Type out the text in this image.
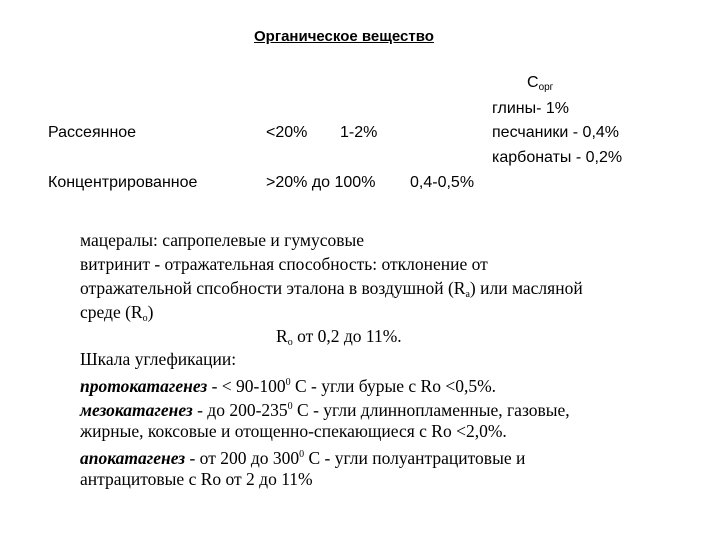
Органическое вещество
$С_{орг}$
глины- 1%
песчаники - 0,4%
карбонаты - 0,2%
Рассеянное	<20% 1-2%
Концентрированное	>20% до 100% 0,4-0,5%
мацералы: сапропелевые и гумусовые
витринит - отражательная способность: отклонение от
отражательной спсобности эталона в воздушной $(R_а)$ или масляной
среде $(R_о)$
$R_о$ от 0,2 до 11%.
Шкала углефикации:
протокатагенез - < $90-100^0$ С - угли бурые с Ro <0,5%.
мезокатагенез - до $200-235^0$ С - угли длиннопламенные, газовые,
жирные, коксовые и отощенно-спекающиеся с Ro <2,0%.
апокатагенез - от 200 до $300^0$ С - угли полуантрацитовые и
антрацитовые с Ro от 2 до 11%
